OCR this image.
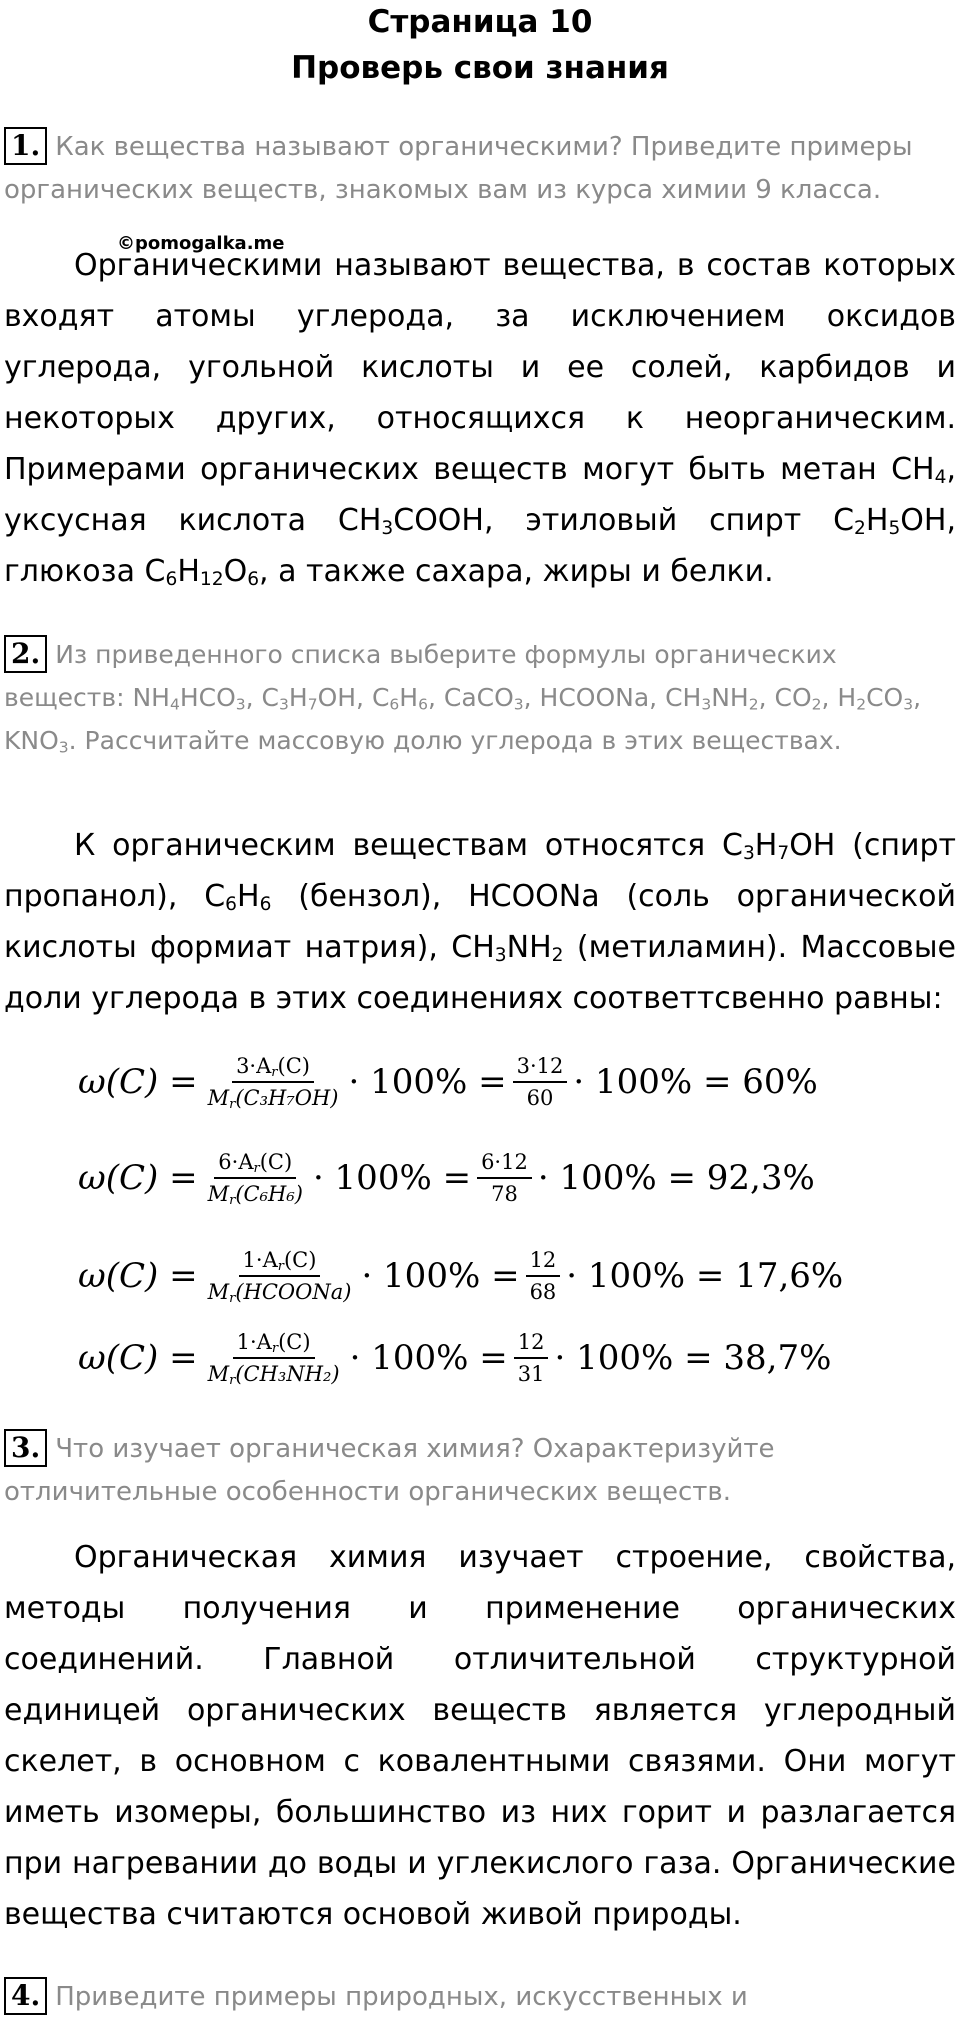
Страница 10
Проверь свои знания
1. Как вещества называют органическими? Приведите примеры органических веществ, знакомых вам из курса химии 9 класса.
©pomogalka.me
Органическими называют вещества, в состав которых входят атомы углерода, за исключением оксидов углерода, угольной кислоты и ее солей, карбидов и некоторых других, относящихся к неорганическим. Примерами органических веществ могут быть метан $CH_4$, уксусная кислота $CH_3COOH$, этиловый спирт $C_2H_5OH$, глюкоза $C_6H_{12}O_6$, а также сахара, жиры и белки.
2. Из приведенного списка выберите формулы органических веществ: $NH_4HCO_3$, $C_3H_7OH$, $C_6H_6$, CaCO$_3$, HCOONa, $CH_3NH_2$, $CO_2$, $H_2CO_3$, $KNO_3$. Рассчитайте массовую долю углерода в этих веществах.
К органическим веществам относятся $C_3H_7OH$ (спирт пропанол), $C_6H_6$ (бензол), HCOONa (соль органической кислоты формиат натрия), $CH_3NH_2$ (метиламин). Массовые доли углерода в этих соединениях соответтсвенно равны:
$\omega(C) = \frac{3\cdot A_r(C)}{M_r(C_3H_7OH)} \cdot 100\% = \frac{3\cdot 12}{60} \cdot 100\% = 60\%$
$\omega(C) = \frac{6\cdot A_r(C)}{M_r(C_6H_6)} \cdot 100\% = \frac{6\cdot 12}{78} \cdot 100\% = 92,3\%$
$\omega(C) = \frac{1\cdot A_r(C)}{M_r(HCOONa)} \cdot 100\% = \frac{12}{68} \cdot 100\% = 17,6\%$
$\omega(C) = \frac{1\cdot A_r(C)}{M_r(CH_3NH_2)} \cdot 100\% = \frac{12}{31} \cdot 100\% = 38,7\%$
3. Что изучает органическая химия? Охарактеризуйте отличительные особенности органических веществ.
Органическая химия изучает строение, свойства, методы получения и применение органических соединений. Главной отличительной структурной единицей органических веществ является углеродный скелет, в основном с ковалентными связями. Они могут иметь изомеры, большинство из них горит и разлагается при нагревании до воды и углекислого газа. Органические вещества считаются основой живой природы.
4. Приведите примеры природных, искусственных и
